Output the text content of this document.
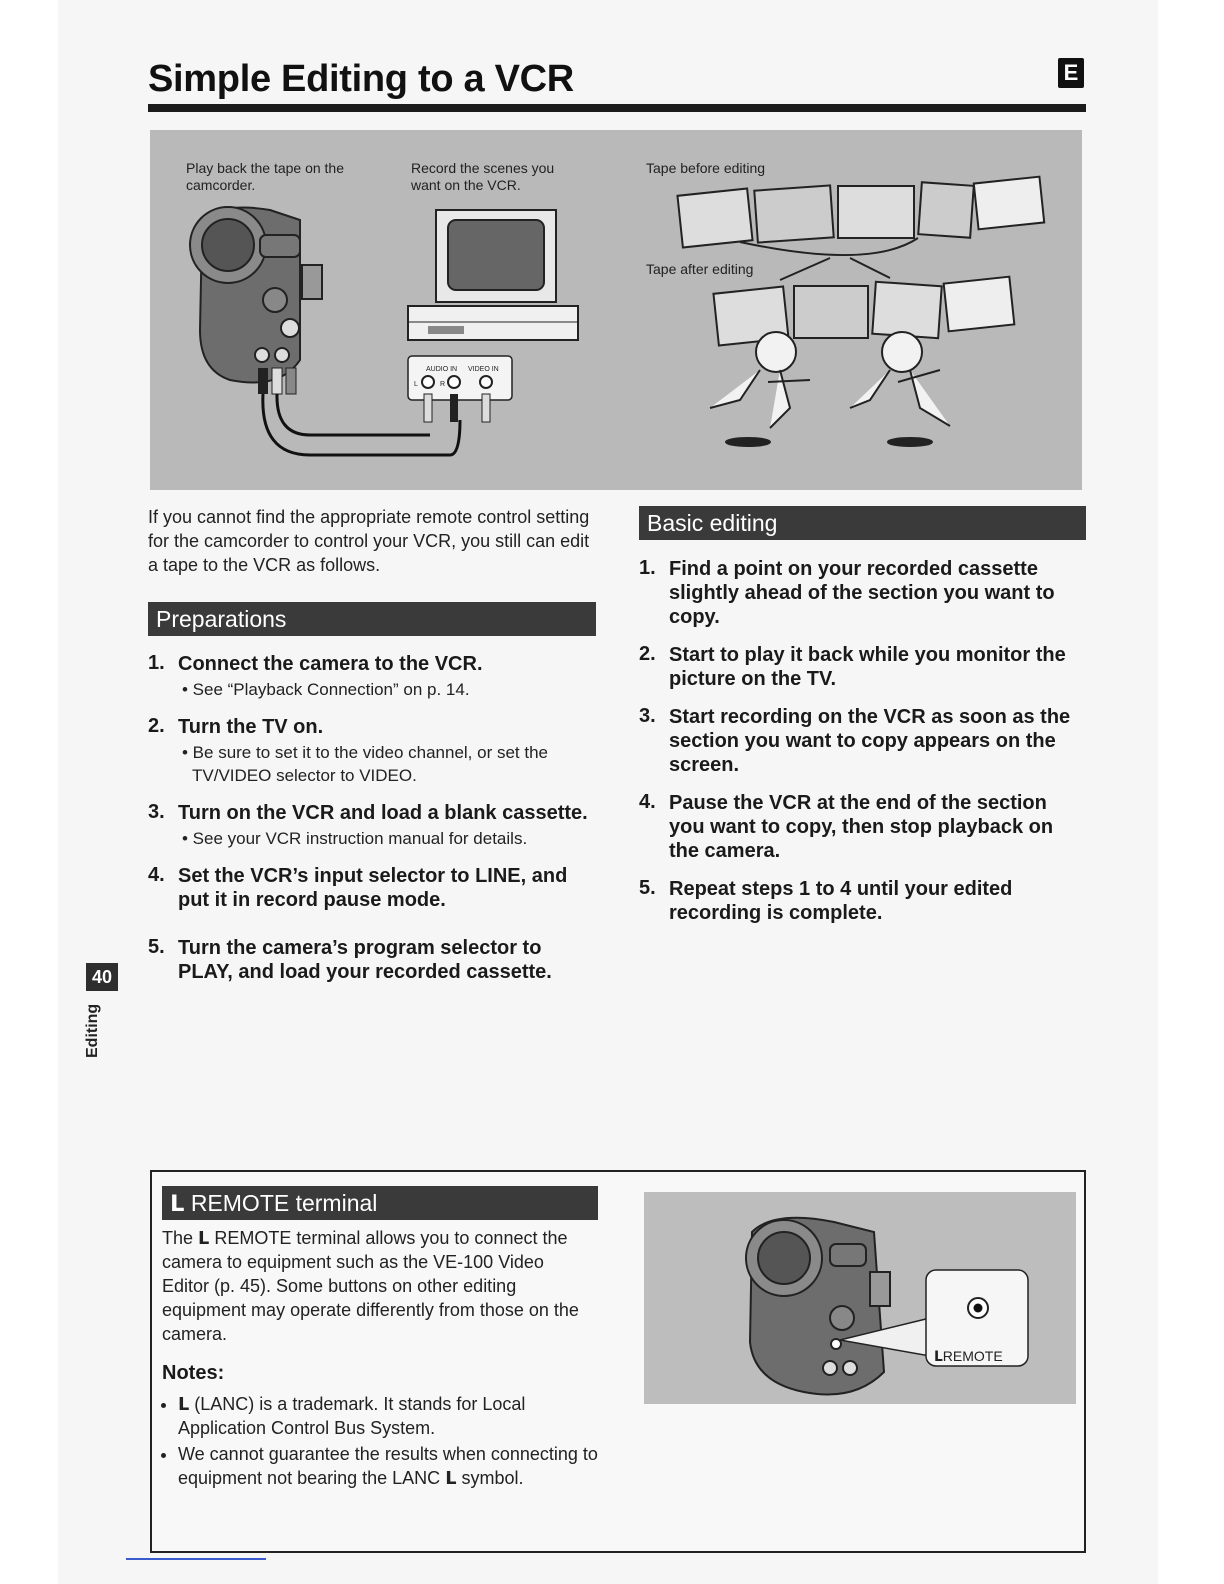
Simple Editing to a VCR	E
Play back the tape on the camcorder.
Record the scenes you want on the VCR.
Tape before editing
Tape after editing
AUDIO IN VIDEO IN
L	R
If you cannot find the appropriate remote control setting for the camcorder to control your VCR, you still can edit a tape to the VCR as follows.
Preparations
1. Connect the camera to the VCR.
• See “Playback Connection” on p. 14.
2. Turn the TV on.
• Be sure to set it to the video channel, or set the TV/VIDEO selector to VIDEO.
3. Turn on the VCR and load a blank cassette.
• See your VCR instruction manual for details.
4. Set the VCR’s input selector to LINE, and put it in record pause mode.
5. Turn the camera’s program selector to PLAY, and load your recorded cassette.
Basic editing
1. Find a point on your recorded cassette slightly ahead of the section you want to copy.
2. Start to play it back while you monitor the picture on the TV.
3. Start recording on the VCR as soon as the section you want to copy appears on the screen.
4. Pause the VCR at the end of the section you want to copy, then stop playback on the camera.
5. Repeat steps 1 to 4 until your edited recording is complete.
40
Editing
ᒪ REMOTE terminal
The ᒪ REMOTE terminal allows you to connect the camera to equipment such as the VE-100 Video Editor (p. 45). Some buttons on other editing equipment may operate differently from those on the camera.
Notes:
• ᒪ (LANC) is a trademark. It stands for Local Application Control Bus System.
• We cannot guarantee the results when connecting to equipment not bearing the LANC ᒪ symbol.
ᒪREMOTE
